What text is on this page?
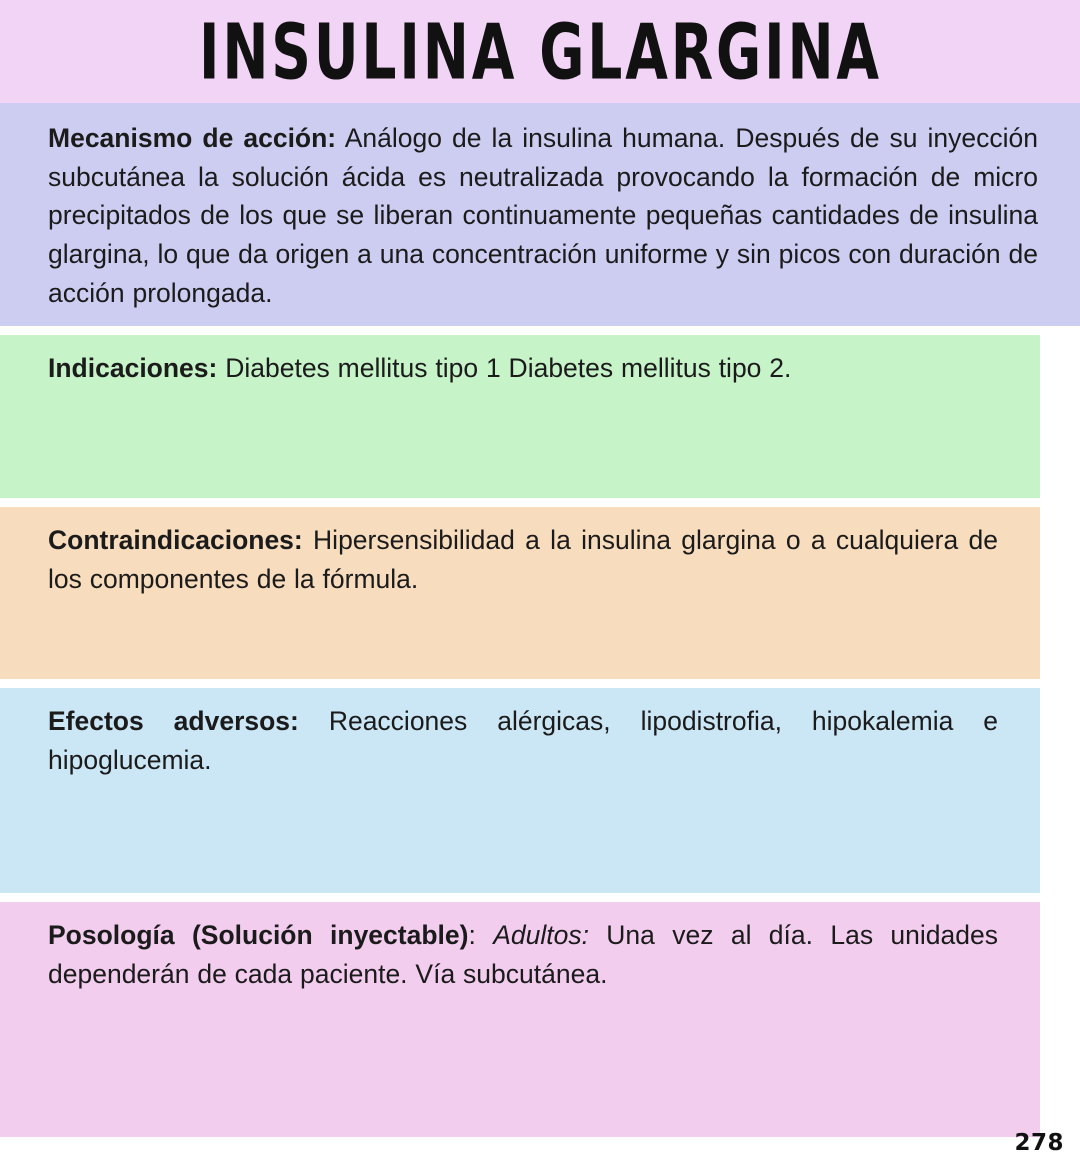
INSULINA GLARGINA

Mecanismo de acción: Análogo de la insulina humana. Después de su inyección subcutánea la solución ácida es neutralizada provocando la formación de micro precipitados de los que se liberan continuamente pequeñas cantidades de insulina glargina, lo que da origen a una concentración uniforme y sin picos con duración de acción prolongada.

Indicaciones: Diabetes mellitus tipo 1 Diabetes mellitus tipo 2.

Contraindicaciones: Hipersensibilidad a la insulina glargina o a cualquiera de los componentes de la fórmula.

Efectos adversos: Reacciones alérgicas, lipodistrofia, hipokalemia e hipoglucemia.

Posología (Solución inyectable): Adultos: Una vez al día. Las unidades dependerán de cada paciente. Vía subcutánea.

278
